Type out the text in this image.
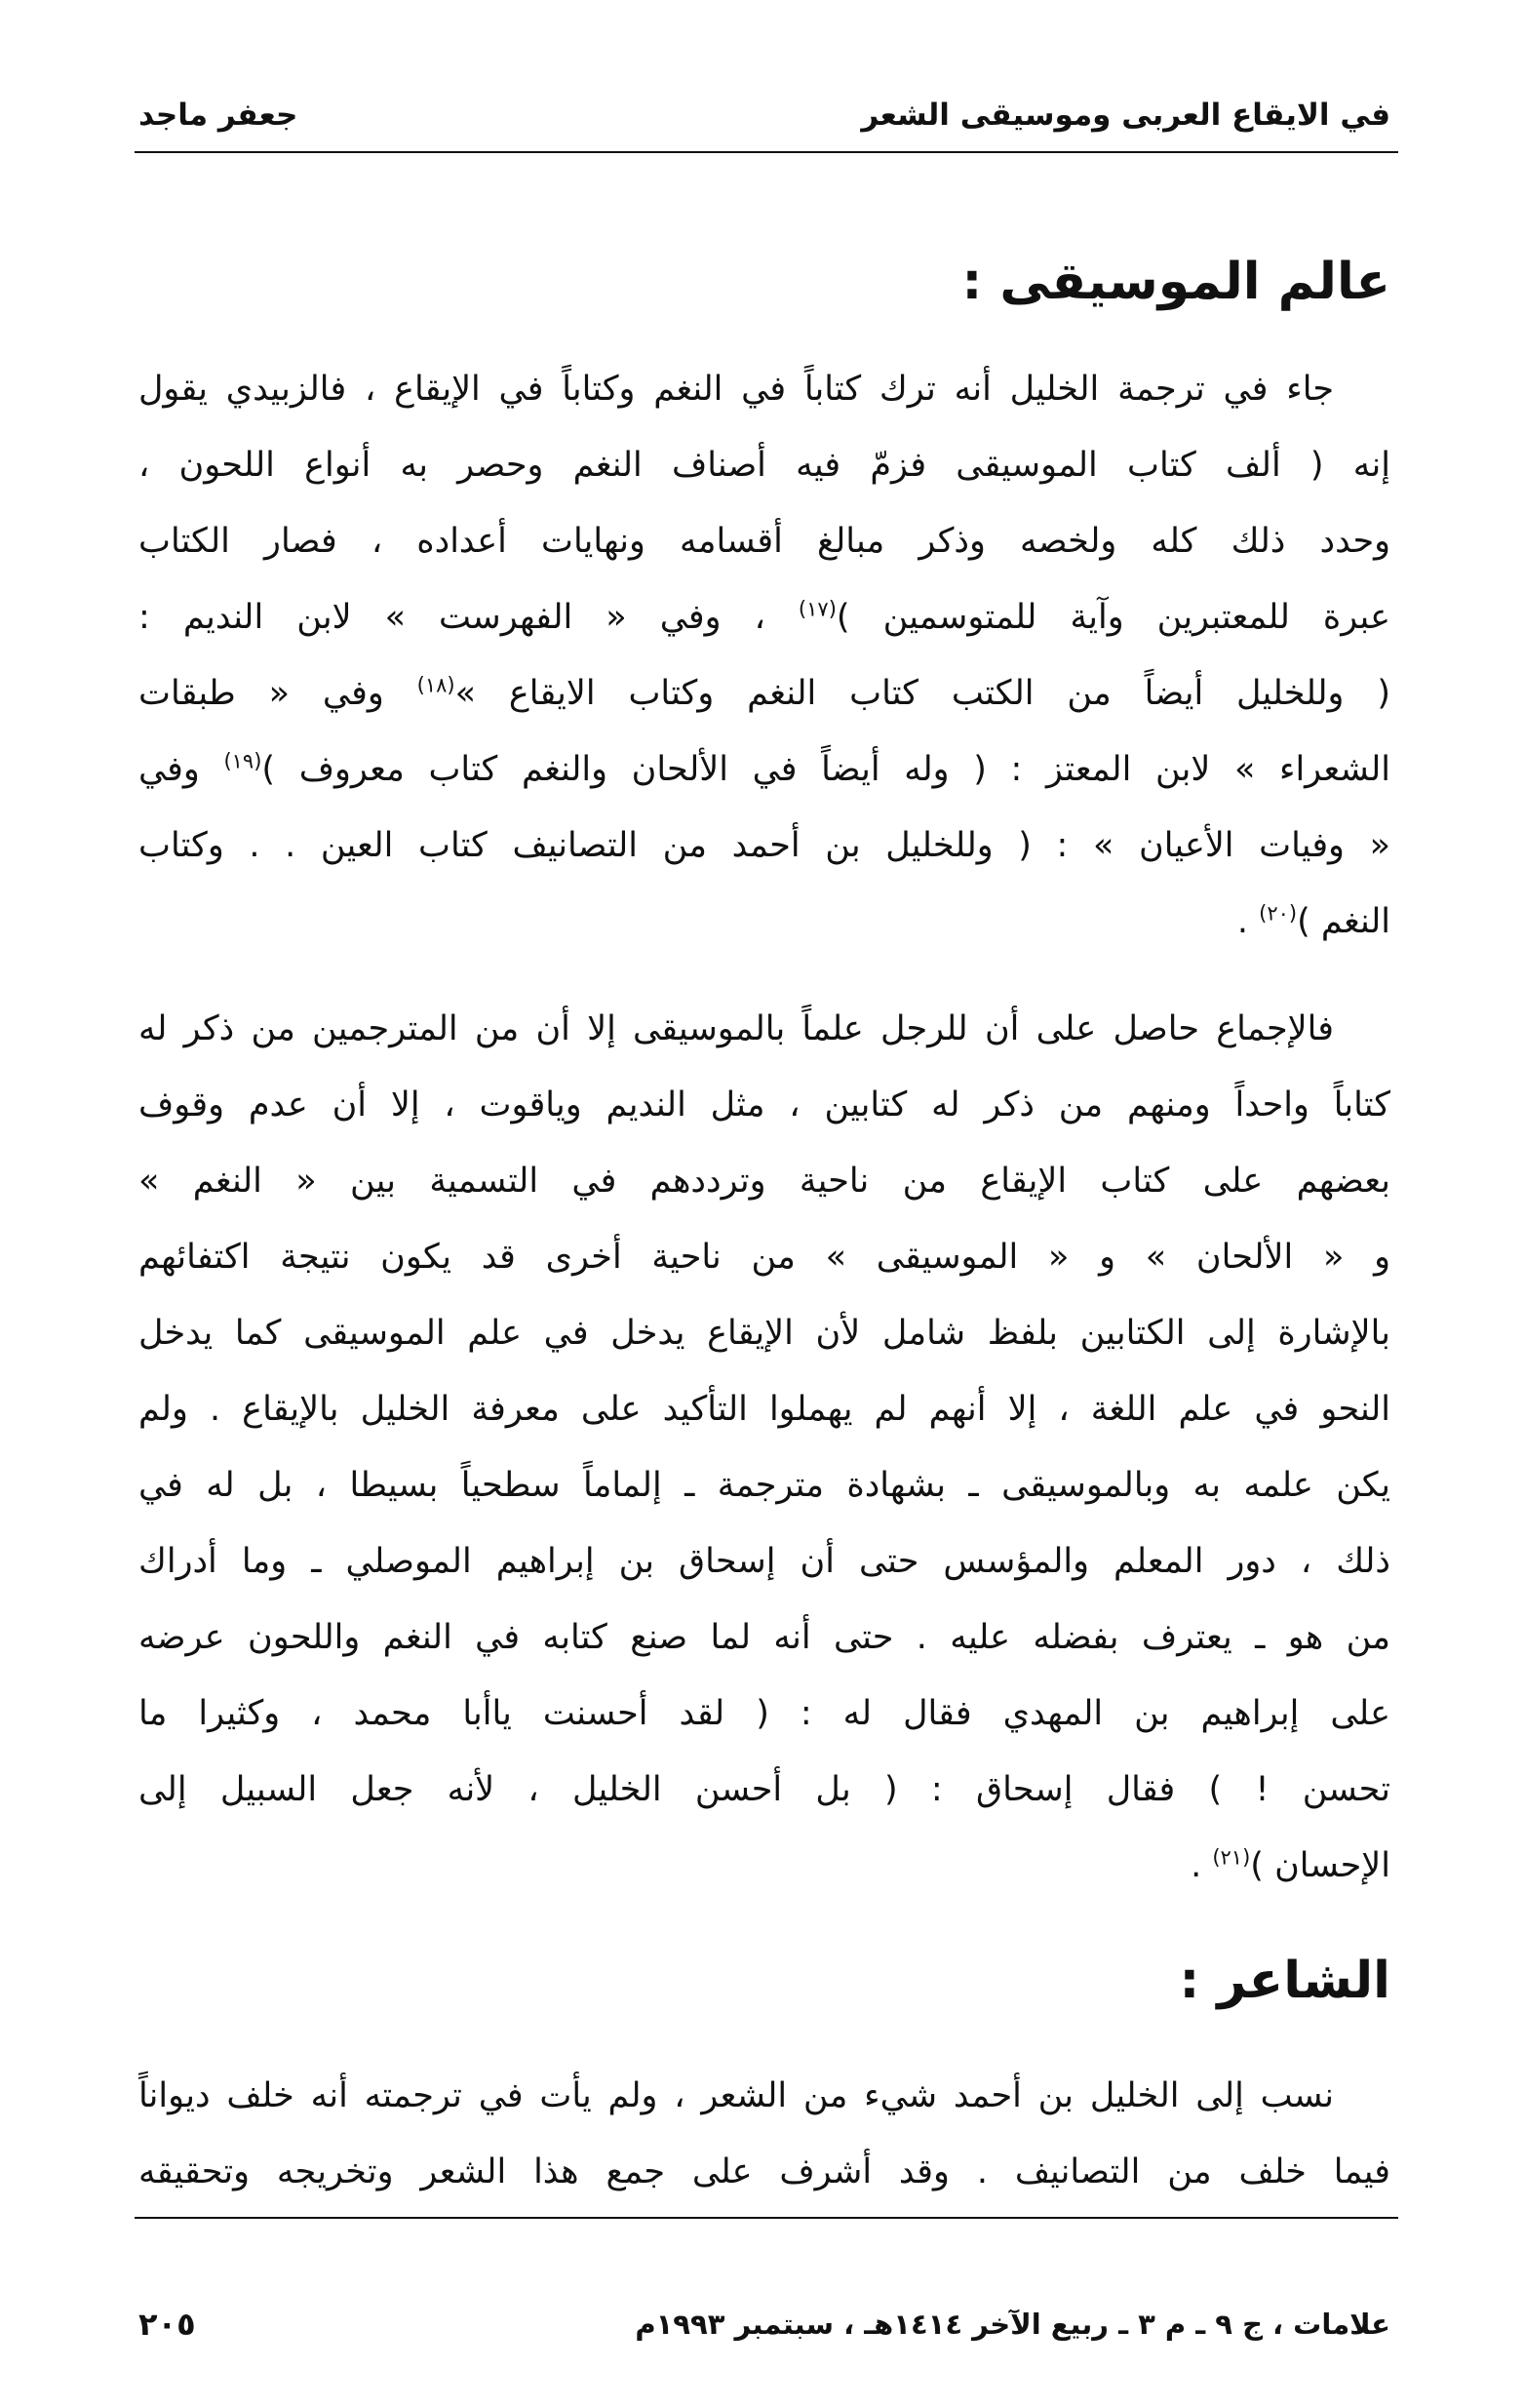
في الايقاع العربى وموسيقى الشعر
جعفر ماجد
عالم الموسيقى :
جاء في ترجمة الخليل أنه ترك كتاباً في النغم وكتاباً في الإيقاع ، فالزبيدي يقول
إنه ( ألف كتاب الموسيقى فزمّ فيه أصناف النغم وحصر به أنواع اللحون ،
وحدد ذلك كله ولخصه وذكر مبالغ أقسامه ونهايات أعداده ، فصار الكتاب
عبرة للمعتبرين وآية للمتوسمين )$^{(١٧)}$ ، وفي « الفهرست » لابن النديم :
( وللخليل أيضاً من الكتب كتاب النغم وكتاب الايقاع »$^{(١٨)}$ وفي « طبقات
الشعراء » لابن المعتز : ( وله أيضاً في الألحان والنغم كتاب معروف )$^{(١٩)}$ وفي
« وفيات الأعيان » : ( وللخليل بن أحمد من التصانيف كتاب العين . . وكتاب
النغم )$^{(٢٠)}$ .
فالإجماع حاصل على أن للرجل علماً بالموسيقى إلا أن من المترجمين من ذكر له
كتاباً واحداً ومنهم من ذكر له كتابين ، مثل النديم وياقوت ، إلا أن عدم وقوف
بعضهم على كتاب الإيقاع من ناحية وترددهم في التسمية بين « النغم »
و « الألحان » و « الموسيقى » من ناحية أخرى قد يكون نتيجة اكتفائهم
بالإشارة إلى الكتابين بلفظ شامل لأن الإيقاع يدخل في علم الموسيقى كما يدخل
النحو في علم اللغة ، إلا أنهم لم يهملوا التأكيد على معرفة الخليل بالإيقاع . ولم
يكن علمه به وبالموسيقى ـ بشهادة مترجمة ـ إلماماً سطحياً بسيطا ، بل له في
ذلك ، دور المعلم والمؤسس حتى أن إسحاق بن إبراهيم الموصلي ـ وما أدراك
من هو ـ يعترف بفضله عليه . حتى أنه لما صنع كتابه في النغم واللحون عرضه
على إبراهيم بن المهدي فقال له : ( لقد أحسنت ياأبا محمد ، وكثيرا ما
تحسن ! ) فقال إسحاق : ( بل أحسن الخليل ، لأنه جعل السبيل إلى
الإحسان )$^{(٢١)}$ .
الشاعر :
نسب إلى الخليل بن أحمد شيء من الشعر ، ولم يأت في ترجمته أنه خلف ديواناً
فيما خلف من التصانيف . وقد أشرف على جمع هذا الشعر وتخريجه وتحقيقه
علامات ، ج ٩ ـ م ٣ ـ ربيع الآخر ١٤١٤هـ ، سبتمبر ١٩٩٣م
٢٠٥
